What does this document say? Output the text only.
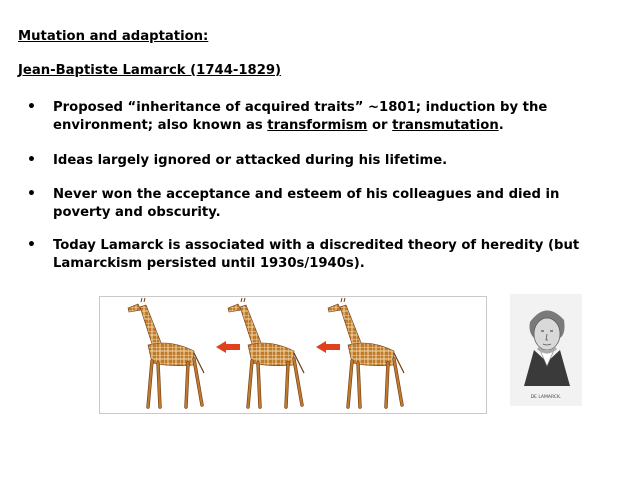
Mutation and adaptation:
Jean-Baptiste Lamarck (1744-1829)
• Proposed “inheritance of acquired traits” ~1801; induction by the environment; also known as transformism or transmutation.
• Ideas largely ignored or attacked during his lifetime.
• Never won the acceptance and esteem of his colleagues and died in poverty and obscurity.
• Today Lamarck is associated with a discredited theory of heredity (but Lamarckism persisted until 1930s/1940s).
DE LAMARCK.
